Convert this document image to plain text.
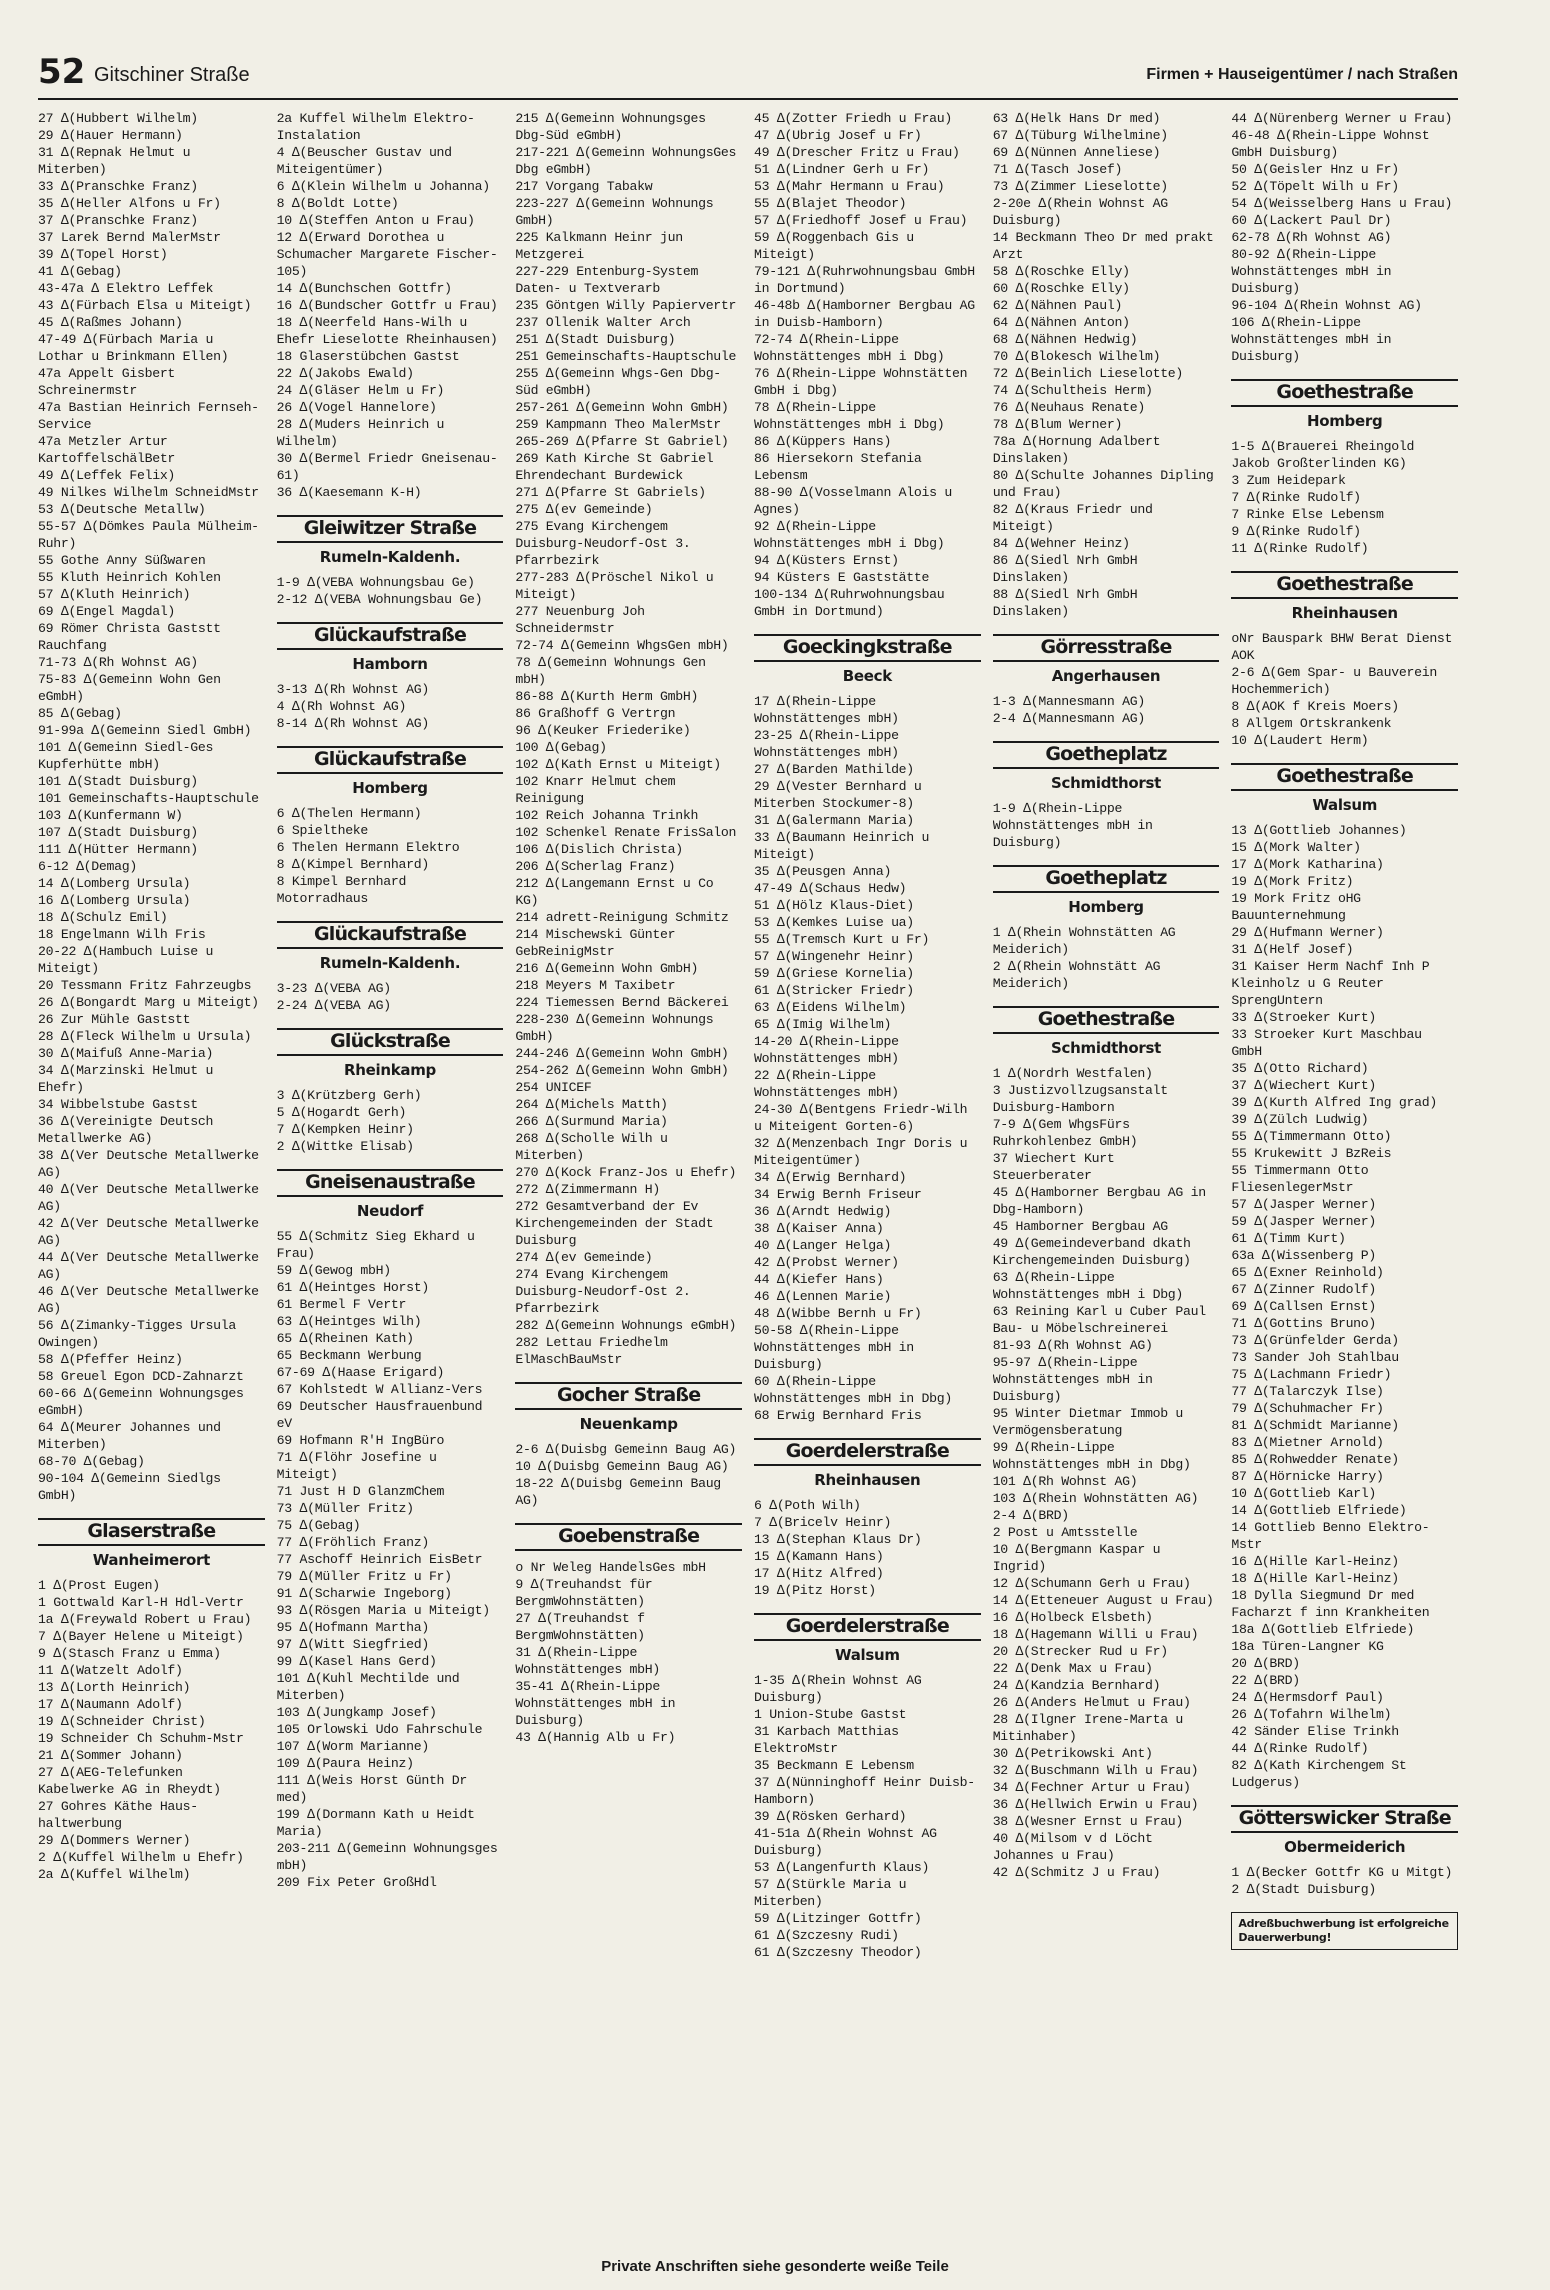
52 Gitschiner Straße	Firmen + Hauseigentümer / nach Straßen
27 ∆(Hubbert Wilhelm)
29 ∆(Hauer Hermann)
31 ∆(Repnak Helmut u Miterben)
33 ∆(Pranschke Franz)
35 ∆(Heller Alfons u Fr)
37 ∆(Pranschke Franz)
37 Larek Bernd MalerMstr
39 ∆(Topel Horst)
41 ∆(Gebag)
43-47a ∆ Elektro Leffek
43 ∆(Fürbach Elsa u Miteigt)
45 ∆(Raßmes Johann)
47-49 ∆(Fürbach Maria u Lothar u Brinkmann Ellen)
47a Appelt Gisbert Schreinermstr
47a Bastian Heinrich Fernseh-Service
47a Metzler Artur KartoffelschälBetr
49 ∆(Leffek Felix)
49 Nilkes Wilhelm SchneidMstr
53 ∆(Deutsche Metallw)
55-57 ∆(Dömkes Paula Mülheim-Ruhr)
55 Gothe Anny Süßwaren
55 Kluth Heinrich Kohlen
57 ∆(Kluth Heinrich)
69 ∆(Engel Magdal)
69 Römer Christa Gaststt Rauchfang
71-73 ∆(Rh Wohnst AG)
75-83 ∆(Gemeinn Wohn Gen eGmbH)
85 ∆(Gebag)
91-99a ∆(Gemeinn Siedl GmbH)
101 ∆(Gemeinn Siedl-Ges Kupferhütte mbH)
101 ∆(Stadt Duisburg)
101 Gemeinschafts-Hauptschule
103 ∆(Kunfermann W)
107 ∆(Stadt Duisburg)
111 ∆(Hütter Hermann)
6-12 ∆(Demag)
14 ∆(Lomberg Ursula)
16 ∆(Lomberg Ursula)
18 ∆(Schulz Emil)
18 Engelmann Wilh Fris
20-22 ∆(Hambuch Luise u Miteigt)
20 Tessmann Fritz Fahrzeugbs
26 ∆(Bongardt Marg u Miteigt)
26 Zur Mühle Gaststt
28 ∆(Fleck Wilhelm u Ursula)
30 ∆(Maifuß Anne-Maria)
34 ∆(Marzinski Helmut u Ehefr)
34 Wibbelstube Gastst
36 ∆(Vereinigte Deutsch Metallwerke AG)
38 ∆(Ver Deutsche Metallwerke AG)
40 ∆(Ver Deutsche Metallwerke AG)
42 ∆(Ver Deutsche Metallwerke AG)
44 ∆(Ver Deutsche Metallwerke AG)
46 ∆(Ver Deutsche Metallwerke AG)
56 ∆(Zimanky-Tigges Ursula Owingen)
58 ∆(Pfeffer Heinz)
58 Greuel Egon DCD-Zahnarzt
60-66 ∆(Gemeinn Wohnungsges eGmbH)
64 ∆(Meurer Johannes und Miterben)
68-70 ∆(Gebag)
90-104 ∆(Gemeinn Siedlgs GmbH)
Glaserstraße
Wanheimerort
1 ∆(Prost Eugen)
1 Gottwald Karl-H Hdl-Vertr
1a ∆(Freywald Robert u Frau)
7 ∆(Bayer Helene u Miteigt)
9 ∆(Stasch Franz u Emma)
11 ∆(Watzelt Adolf)
13 ∆(Lorth Heinrich)
17 ∆(Naumann Adolf)
19 ∆(Schneider Christ)
19 Schneider Ch Schuhm-Mstr
21 ∆(Sommer Johann)
27 ∆(AEG-Telefunken Kabelwerke AG in Rheydt)
27 Gohres Käthe Haus-haltwerbung
29 ∆(Dommers Werner)
2 ∆(Kuffel Wilhelm u Ehefr)
2a ∆(Kuffel Wilhelm)
2a Kuffel Wilhelm Elektro-Instalation
4 ∆(Beuscher Gustav und Miteigentümer)
6 ∆(Klein Wilhelm u Johanna)
8 ∆(Boldt Lotte)
10 ∆(Steffen Anton u Frau)
12 ∆(Erward Dorothea u Schumacher Margarete Fischer-105)
14 ∆(Bunchschen Gottfr)
16 ∆(Bundscher Gottfr u Frau)
18 ∆(Neerfeld Hans-Wilh u Ehefr Lieselotte Rheinhausen)
18 Glaserstübchen Gastst
22 ∆(Jakobs Ewald)
24 ∆(Gläser Helm u Fr)
26 ∆(Vogel Hannelore)
28 ∆(Muders Heinrich u Wilhelm)
30 ∆(Bermel Friedr Gneisenau-61)
36 ∆(Kaesemann K-H)
Gleiwitzer Straße
Rumeln-Kaldenh.
1-9 ∆(VEBA Wohnungsbau Ge)
2-12 ∆(VEBA Wohnungsbau Ge)
Glückaufstraße
Hamborn
3-13 ∆(Rh Wohnst AG)
4 ∆(Rh Wohnst AG)
8-14 ∆(Rh Wohnst AG)
Glückaufstraße
Homberg
6 ∆(Thelen Hermann)
6 Spieltheke
6 Thelen Hermann Elektro
8 ∆(Kimpel Bernhard)
8 Kimpel Bernhard Motorradhaus
Glückaufstraße
Rumeln-Kaldenh.
3-23 ∆(VEBA AG)
2-24 ∆(VEBA AG)
Glückstraße
Rheinkamp
3 ∆(Krützberg Gerh)
5 ∆(Hogardt Gerh)
7 ∆(Kempken Heinr)
2 ∆(Wittke Elisab)
Gneisenaustraße
Neudorf
55 ∆(Schmitz Sieg Ekhard u Frau)
59 ∆(Gewog mbH)
61 ∆(Heintges Horst)
61 Bermel F Vertr
63 ∆(Heintges Wilh)
65 ∆(Rheinen Kath)
65 Beckmann Werbung
67-69 ∆(Haase Erigard)
67 Kohlstedt W Allianz-Vers
69 Deutscher Hausfrauenbund eV
69 Hofmann R'H IngBüro
71 ∆(Flöhr Josefine u Miteigt)
71 Just H D GlanzmChem
73 ∆(Müller Fritz)
75 ∆(Gebag)
77 ∆(Fröhlich Franz)
77 Aschoff Heinrich EisBetr
79 ∆(Müller Fritz u Fr)
91 ∆(Scharwie Ingeborg)
93 ∆(Rösgen Maria u Miteigt)
95 ∆(Hofmann Martha)
97 ∆(Witt Siegfried)
99 ∆(Kasel Hans Gerd)
101 ∆(Kuhl Mechtilde und Miterben)
103 ∆(Jungkamp Josef)
105 Orlowski Udo Fahrschule
107 ∆(Worm Marianne)
109 ∆(Paura Heinz)
111 ∆(Weis Horst Günth Dr med)
199 ∆(Dormann Kath u Heidt Maria)
203-211 ∆(Gemeinn Wohnungsges mbH)
209 Fix Peter GroßHdl
215 ∆(Gemeinn Wohnungsges Dbg-Süd eGmbH)
217-221 ∆(Gemeinn WohnungsGes Dbg eGmbH)
217 Vorgang Tabakw
223-227 ∆(Gemeinn Wohnungs GmbH)
225 Kalkmann Heinr jun Metzgerei
227-229 Entenburg-System Daten- u Textverarb
235 Göntgen Willy Papiervertr
237 Ollenik Walter Arch
251 ∆(Stadt Duisburg)
251 Gemeinschafts-Hauptschule
255 ∆(Gemeinn Whgs-Gen Dbg-Süd eGmbH)
257-261 ∆(Gemeinn Wohn GmbH)
259 Kampmann Theo MalerMstr
265-269 ∆(Pfarre St Gabriel)
269 Kath Kirche St Gabriel Ehrendechant Burdewick
271 ∆(Pfarre St Gabriels)
275 ∆(ev Gemeinde)
275 Evang Kirchengem Duisburg-Neudorf-Ost 3. Pfarrbezirk
277-283 ∆(Pröschel Nikol u Miteigt)
277 Neuenburg Joh Schneidermstr
72-74 ∆(Gemeinn WhgsGen mbH)
78 ∆(Gemeinn Wohnungs Gen mbH)
86-88 ∆(Kurth Herm GmbH)
86 Graßhoff G Vertrgn
96 ∆(Keuker Friederike)
100 ∆(Gebag)
102 ∆(Kath Ernst u Miteigt)
102 Knarr Helmut chem Reinigung
102 Reich Johanna Trinkh
102 Schenkel Renate FrisSalon
106 ∆(Dislich Christa)
206 ∆(Scherlag Franz)
212 ∆(Langemann Ernst u Co KG)
214 adrett-Reinigung Schmitz
214 Mischewski Günter GebReinigMstr
216 ∆(Gemeinn Wohn GmbH)
218 Meyers M Taxibetr
224 Tiemessen Bernd Bäckerei
228-230 ∆(Gemeinn Wohnungs GmbH)
244-246 ∆(Gemeinn Wohn GmbH)
254-262 ∆(Gemeinn Wohn GmbH)
254 UNICEF
264 ∆(Michels Matth)
266 ∆(Surmund Maria)
268 ∆(Scholle Wilh u Miterben)
270 ∆(Kock Franz-Jos u Ehefr)
272 ∆(Zimmermann H)
272 Gesamtverband der Ev Kirchengemeinden der Stadt Duisburg
274 ∆(ev Gemeinde)
274 Evang Kirchengem Duisburg-Neudorf-Ost 2. Pfarrbezirk
282 ∆(Gemeinn Wohnungs eGmbH)
282 Lettau Friedhelm ElMaschBauMstr
Gocher Straße
Neuenkamp
2-6 ∆(Duisbg Gemeinn Baug AG)
10 ∆(Duisbg Gemeinn Baug AG)
18-22 ∆(Duisbg Gemeinn Baug AG)
Goebenstraße
o Nr Weleg HandelsGes mbH
9 ∆(Treuhandst für BergmWohnstätten)
27 ∆(Treuhandst f BergmWohnstätten)
31 ∆(Rhein-Lippe Wohnstättenges mbH)
35-41 ∆(Rhein-Lippe Wohnstättenges mbH in Duisburg)
43 ∆(Hannig Alb u Fr)
45 ∆(Zotter Friedh u Frau)
47 ∆(Ubrig Josef u Fr)
49 ∆(Drescher Fritz u Frau)
51 ∆(Lindner Gerh u Fr)
53 ∆(Mahr Hermann u Frau)
55 ∆(Blajet Theodor)
57 ∆(Friedhoff Josef u Frau)
59 ∆(Roggenbach Gis u Miteigt)
79-121 ∆(Ruhrwohnungsbau GmbH in Dortmund)
46-48b ∆(Hamborner Bergbau AG in Duisb-Hamborn)
72-74 ∆(Rhein-Lippe Wohnstättenges mbH i Dbg)
76 ∆(Rhein-Lippe Wohnstätten GmbH i Dbg)
78 ∆(Rhein-Lippe Wohnstättenges mbH i Dbg)
86 ∆(Küppers Hans)
86 Hiersekorn Stefania Lebensm
88-90 ∆(Vosselmann Alois u Agnes)
92 ∆(Rhein-Lippe Wohnstättenges mbH i Dbg)
94 ∆(Küsters Ernst)
94 Küsters E Gaststätte
100-134 ∆(Ruhrwohnungsbau GmbH in Dortmund)
Goeckingkstraße
Beeck
17 ∆(Rhein-Lippe Wohnstättenges mbH)
23-25 ∆(Rhein-Lippe Wohnstättenges mbH)
27 ∆(Barden Mathilde)
29 ∆(Vester Bernhard u Miterben Stockumer-8)
31 ∆(Galermann Maria)
33 ∆(Baumann Heinrich u Miteigt)
35 ∆(Peusgen Anna)
47-49 ∆(Schaus Hedw)
51 ∆(Hölz Klaus-Diet)
53 ∆(Kemkes Luise ua)
55 ∆(Tremsch Kurt u Fr)
57 ∆(Wingenehr Heinr)
59 ∆(Griese Kornelia)
61 ∆(Stricker Friedr)
63 ∆(Eidens Wilhelm)
65 ∆(Imig Wilhelm)
14-20 ∆(Rhein-Lippe Wohnstättenges mbH)
22 ∆(Rhein-Lippe Wohnstättenges mbH)
24-30 ∆(Bentgens Friedr-Wilh u Miteigent Gorten-6)
32 ∆(Menzenbach Ingr Doris u Miteigentümer)
34 ∆(Erwig Bernhard)
34 Erwig Bernh Friseur
36 ∆(Arndt Hedwig)
38 ∆(Kaiser Anna)
40 ∆(Langer Helga)
42 ∆(Probst Werner)
44 ∆(Kiefer Hans)
46 ∆(Lennen Marie)
48 ∆(Wibbe Bernh u Fr)
50-58 ∆(Rhein-Lippe Wohnstättenges mbH in Duisburg)
60 ∆(Rhein-Lippe Wohnstättenges mbH in Dbg)
68 Erwig Bernhard Fris
Goerdelerstraße
Rheinhausen
6 ∆(Poth Wilh)
7 ∆(Bricelv Heinr)
13 ∆(Stephan Klaus Dr)
15 ∆(Kamann Hans)
17 ∆(Hitz Alfred)
19 ∆(Pitz Horst)
Goerdelerstraße
Walsum
1-35 ∆(Rhein Wohnst AG Duisburg)
1 Union-Stube Gastst
31 Karbach Matthias ElektroMstr
35 Beckmann E Lebensm
37 ∆(Nünninghoff Heinr Duisb-Hamborn)
39 ∆(Rösken Gerhard)
41-51a ∆(Rhein Wohnst AG Duisburg)
53 ∆(Langenfurth Klaus)
57 ∆(Stürkle Maria u Miterben)
59 ∆(Litzinger Gottfr)
61 ∆(Szczesny Rudi)
61 ∆(Szczesny Theodor)
63 ∆(Helk Hans Dr med)
67 ∆(Tüburg Wilhelmine)
69 ∆(Nünnen Anneliese)
71 ∆(Tasch Josef)
73 ∆(Zimmer Lieselotte)
2-20e ∆(Rhein Wohnst AG Duisburg)
14 Beckmann Theo Dr med prakt Arzt
58 ∆(Roschke Elly)
60 ∆(Roschke Elly)
62 ∆(Nähnen Paul)
64 ∆(Nähnen Anton)
68 ∆(Nähnen Hedwig)
70 ∆(Blokesch Wilhelm)
72 ∆(Beinlich Lieselotte)
74 ∆(Schultheis Herm)
76 ∆(Neuhaus Renate)
78 ∆(Blum Werner)
78a ∆(Hornung Adalbert Dinslaken)
80 ∆(Schulte Johannes Dipling und Frau)
82 ∆(Kraus Friedr und Miteigt)
84 ∆(Wehner Heinz)
86 ∆(Siedl Nrh GmbH Dinslaken)
88 ∆(Siedl Nrh GmbH Dinslaken)
Görresstraße
Angerhausen
1-3 ∆(Mannesmann AG)
2-4 ∆(Mannesmann AG)
Goetheplatz
Schmidthorst
1-9 ∆(Rhein-Lippe Wohnstättenges mbH in Duisburg)
Goetheplatz
Homberg
1 ∆(Rhein Wohnstätten AG Meiderich)
2 ∆(Rhein Wohnstätt AG Meiderich)
Goethestraße
Schmidthorst
1 ∆(Nordrh Westfalen)
3 Justizvollzugsanstalt Duisburg-Hamborn
7-9 ∆(Gem WhgsFürs Ruhrkohlenbez GmbH)
37 Wiechert Kurt Steuerberater
45 ∆(Hamborner Bergbau AG in Dbg-Hamborn)
45 Hamborner Bergbau AG
49 ∆(Gemeindeverband dkath Kirchengemeinden Duisburg)
63 ∆(Rhein-Lippe Wohnstättenges mbH i Dbg)
63 Reining Karl u Cuber Paul Bau- u Möbelschreinerei
81-93 ∆(Rh Wohnst AG)
95-97 ∆(Rhein-Lippe Wohnstättenges mbH in Duisburg)
95 Winter Dietmar Immob u Vermögensberatung
99 ∆(Rhein-Lippe Wohnstättenges mbH in Dbg)
101 ∆(Rh Wohnst AG)
103 ∆(Rhein Wohnstätten AG)
2-4 ∆(BRD)
2 Post u Amtsstelle
10 ∆(Bergmann Kaspar u Ingrid)
12 ∆(Schumann Gerh u Frau)
14 ∆(Etteneuer August u Frau)
16 ∆(Holbeck Elsbeth)
18 ∆(Hagemann Willi u Frau)
20 ∆(Strecker Rud u Fr)
22 ∆(Denk Max u Frau)
24 ∆(Kandzia Bernhard)
26 ∆(Anders Helmut u Frau)
28 ∆(Ilgner Irene-Marta u Mitinhaber)
30 ∆(Petrikowski Ant)
32 ∆(Buschmann Wilh u Frau)
34 ∆(Fechner Artur u Frau)
36 ∆(Hellwich Erwin u Frau)
38 ∆(Wesner Ernst u Frau)
40 ∆(Milsom v d Löcht Johannes u Frau)
42 ∆(Schmitz J u Frau)
44 ∆(Nürenberg Werner u Frau)
46-48 ∆(Rhein-Lippe Wohnst GmbH Duisburg)
50 ∆(Geisler Hnz u Fr)
52 ∆(Töpelt Wilh u Fr)
54 ∆(Weisselberg Hans u Frau)
60 ∆(Lackert Paul Dr)
62-78 ∆(Rh Wohnst AG)
80-92 ∆(Rhein-Lippe Wohnstättenges mbH in Duisburg)
96-104 ∆(Rhein Wohnst AG)
106 ∆(Rhein-Lippe Wohnstättenges mbH in Duisburg)
Goethestraße
Homberg
1-5 ∆(Brauerei Rheingold Jakob Großterlinden KG)
3 Zum Heidepark
7 ∆(Rinke Rudolf)
7 Rinke Else Lebensm
9 ∆(Rinke Rudolf)
11 ∆(Rinke Rudolf)
Goethestraße
Rheinhausen
oNr Bauspark BHW Berat Dienst AOK
2-6 ∆(Gem Spar- u Bauverein Hochemmerich)
8 ∆(AOK f Kreis Moers)
8 Allgem Ortskrankenk
10 ∆(Laudert Herm)
Goethestraße
Walsum
13 ∆(Gottlieb Johannes)
15 ∆(Mork Walter)
17 ∆(Mork Katharina)
19 ∆(Mork Fritz)
19 Mork Fritz oHG Bauunternehmung
29 ∆(Hufmann Werner)
31 ∆(Helf Josef)
31 Kaiser Herm Nachf Inh P Kleinholz u G Reuter SprengUntern
33 ∆(Stroeker Kurt)
33 Stroeker Kurt Maschbau GmbH
35 ∆(Otto Richard)
37 ∆(Wiechert Kurt)
39 ∆(Kurth Alfred Ing grad)
39 ∆(Zülch Ludwig)
55 ∆(Timmermann Otto)
55 Krukewitt J BzReis
55 Timmermann Otto FliesenlegerMstr
57 ∆(Jasper Werner)
59 ∆(Jasper Werner)
61 ∆(Timm Kurt)
63a ∆(Wissenberg P)
65 ∆(Exner Reinhold)
67 ∆(Zinner Rudolf)
69 ∆(Callsen Ernst)
71 ∆(Gottins Bruno)
73 ∆(Grünfelder Gerda)
73 Sander Joh Stahlbau
75 ∆(Lachmann Friedr)
77 ∆(Talarczyk Ilse)
79 ∆(Schuhmacher Fr)
81 ∆(Schmidt Marianne)
83 ∆(Mietner Arnold)
85 ∆(Rohwedder Renate)
87 ∆(Hörnicke Harry)
10 ∆(Gottlieb Karl)
14 ∆(Gottlieb Elfriede)
14 Gottlieb Benno Elektro-Mstr
16 ∆(Hille Karl-Heinz)
18 ∆(Hille Karl-Heinz)
18 Dylla Siegmund Dr med Facharzt f inn Krankheiten
18a ∆(Gottlieb Elfriede)
18a Türen-Langner KG
20 ∆(BRD)
22 ∆(BRD)
24 ∆(Hermsdorf Paul)
26 ∆(Tofahrn Wilhelm)
42 Sänder Elise Trinkh
44 ∆(Rinke Rudolf)
82 ∆(Kath Kirchengem St Ludgerus)
Götterswicker Straße
Obermeiderich
1 ∆(Becker Gottfr KG u Mitgt)
2 ∆(Stadt Duisburg)
Adreßbuchwerbung ist erfolgreiche Dauerwerbung!
Private Anschriften siehe gesonderte weiße Teile
